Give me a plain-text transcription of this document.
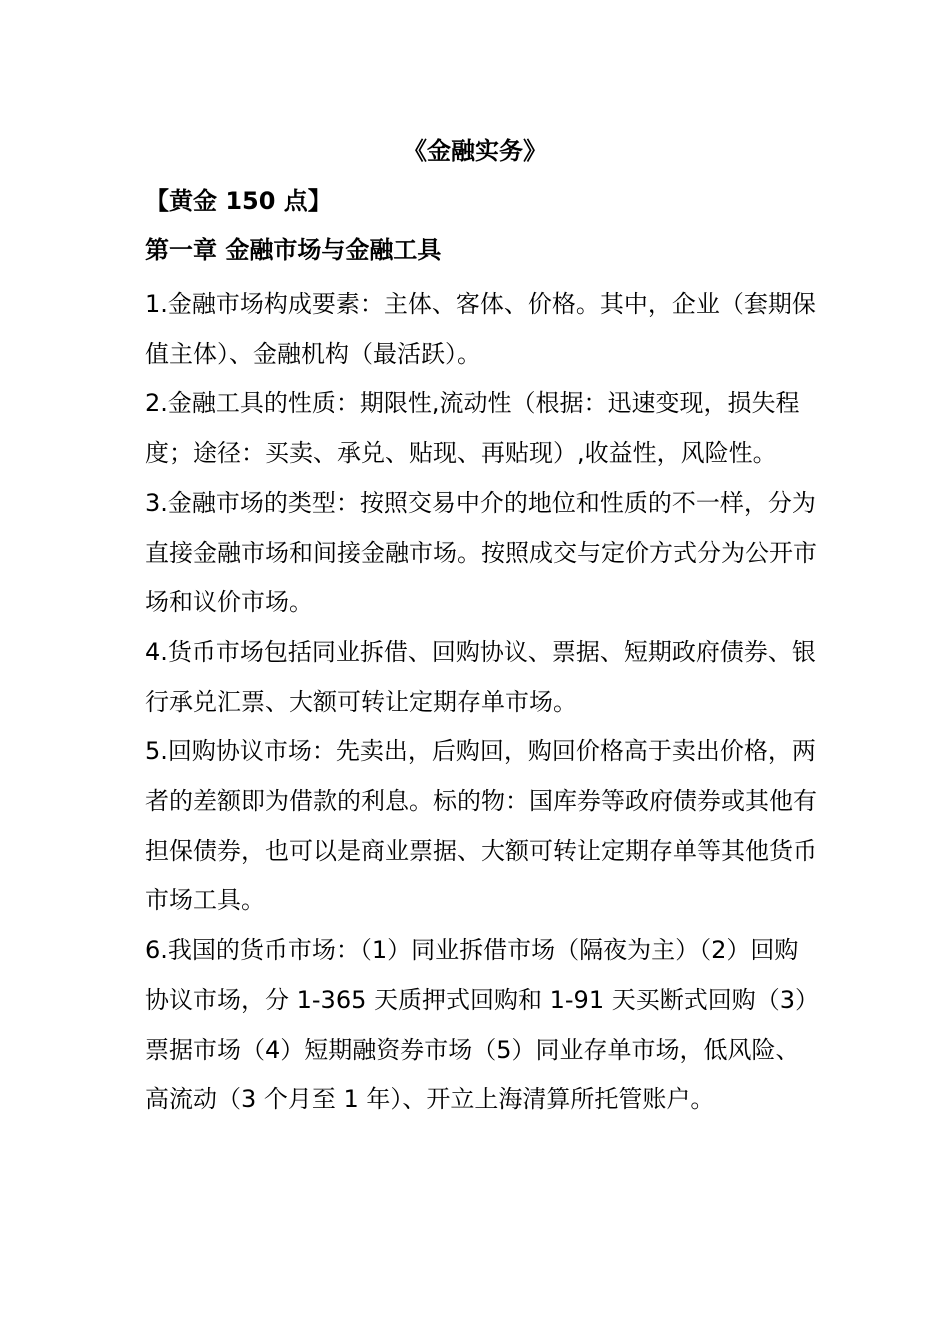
《金融实务》
【黄金 150 点】
第一章 金融市场与金融工具

1.金融市场构成要素：主体、客体、价格。其中，企业（套期保值主体）、金融机构（最活跃）。

2.金融工具的性质：期限性,流动性（根据：迅速变现，损失程度；途径：买卖、承兑、贴现、再贴现）,收益性，风险性。

3.金融市场的类型：按照交易中介的地位和性质的不一样，分为直接金融市场和间接金融市场。按照成交与定价方式分为公开市场和议价市场。

4.货币市场包括同业拆借、回购协议、票据、短期政府债券、银行承兑汇票、大额可转让定期存单市场。

5.回购协议市场：先卖出，后购回，购回价格高于卖出价格，两者的差额即为借款的利息。标的物：国库券等政府债券或其他有担保债券，也可以是商业票据、大额可转让定期存单等其他货币市场工具。

6.我国的货币市场：（1）同业拆借市场（隔夜为主）（2）回购协议市场，分 1-365 天质押式回购和 1-91 天买断式回购（3）票据市场（4）短期融资券市场（5）同业存单市场，低风险、高流动（3 个月至 1 年）、开立上海清算所托管账户。
